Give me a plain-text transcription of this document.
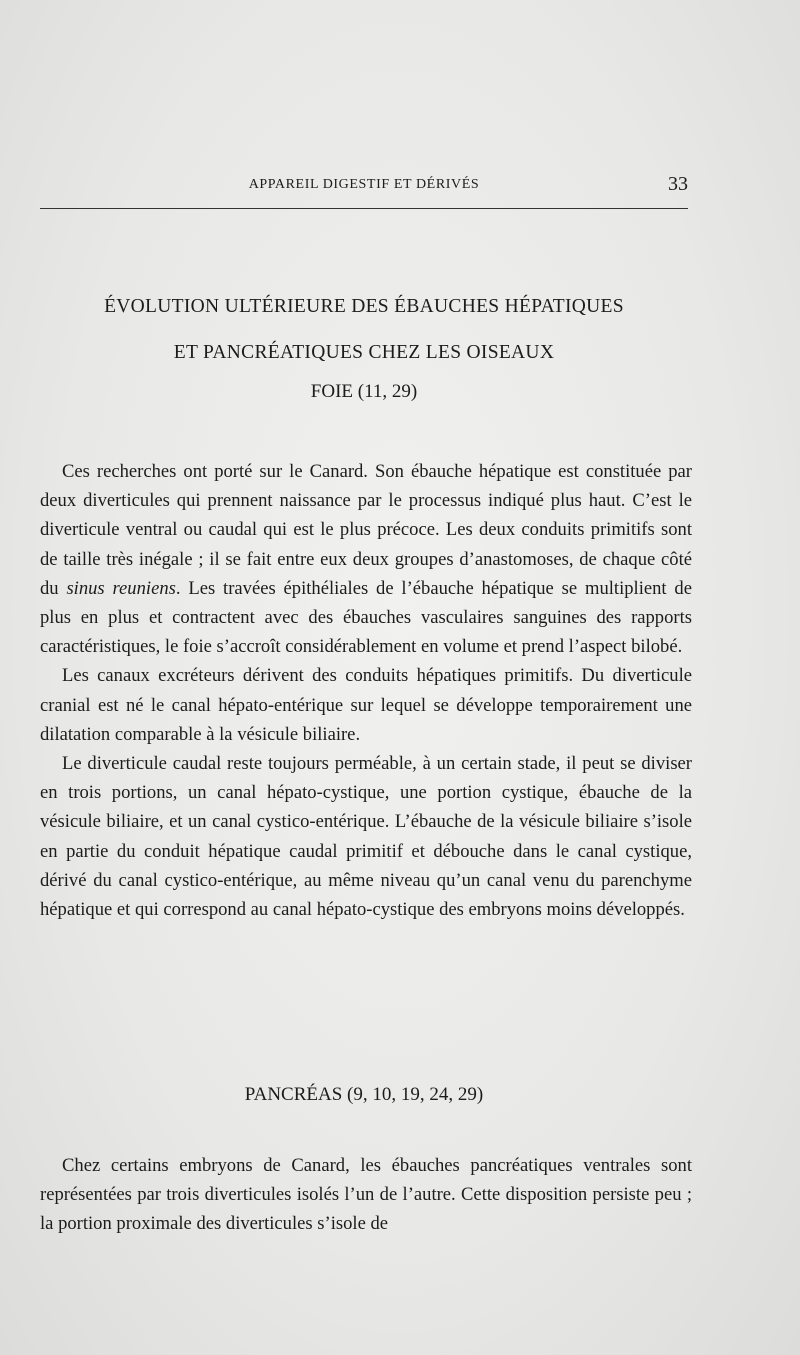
APPAREIL DIGESTIF ET DÉRIVÉS	33
ÉVOLUTION ULTÉRIEURE DES ÉBAUCHES HÉPATIQUES
ET PANCRÉATIQUES CHEZ LES OISEAUX
FOIE (11, 29)

Ces recherches ont porté sur le Canard. Son ébauche hépatique est constituée par deux diverticules qui prennent naissance par le processus indiqué plus haut. C’est le diverticule ventral ou caudal qui est le plus précoce. Les deux conduits primitifs sont de taille très inégale ; il se fait entre eux deux groupes d’anastomoses, de chaque côté du sinus reuniens. Les travées épithéliales de l’ébauche hépatique se multiplient de plus en plus et contractent avec des ébauches vasculaires sanguines des rapports caractéristiques, le foie s’accroît considérablement en volume et prend l’aspect bilobé.

Les canaux excréteurs dérivent des conduits hépatiques primitifs. Du diverticule cranial est né le canal hépato-entérique sur lequel se développe temporairement une dilatation comparable à la vésicule biliaire.

Le diverticule caudal reste toujours perméable, à un certain stade, il peut se diviser en trois portions, un canal hépato-cystique, une portion cystique, ébauche de la vésicule biliaire, et un canal cystico-entérique. L’ébauche de la vésicule biliaire s’isole en partie du conduit hépatique caudal primitif et débouche dans le canal cystique, dérivé du canal cystico-entérique, au même niveau qu’un canal venu du parenchyme hépatique et qui correspond au canal hépato-cystique des embryons moins développés.

PANCRÉAS (9, 10, 19, 24, 29)

Chez certains embryons de Canard, les ébauches pancréatiques ventrales sont représentées par trois diverticules isolés l’un de l’autre. Cette disposition persiste peu ; la portion proximale des diverticules s’isole de
